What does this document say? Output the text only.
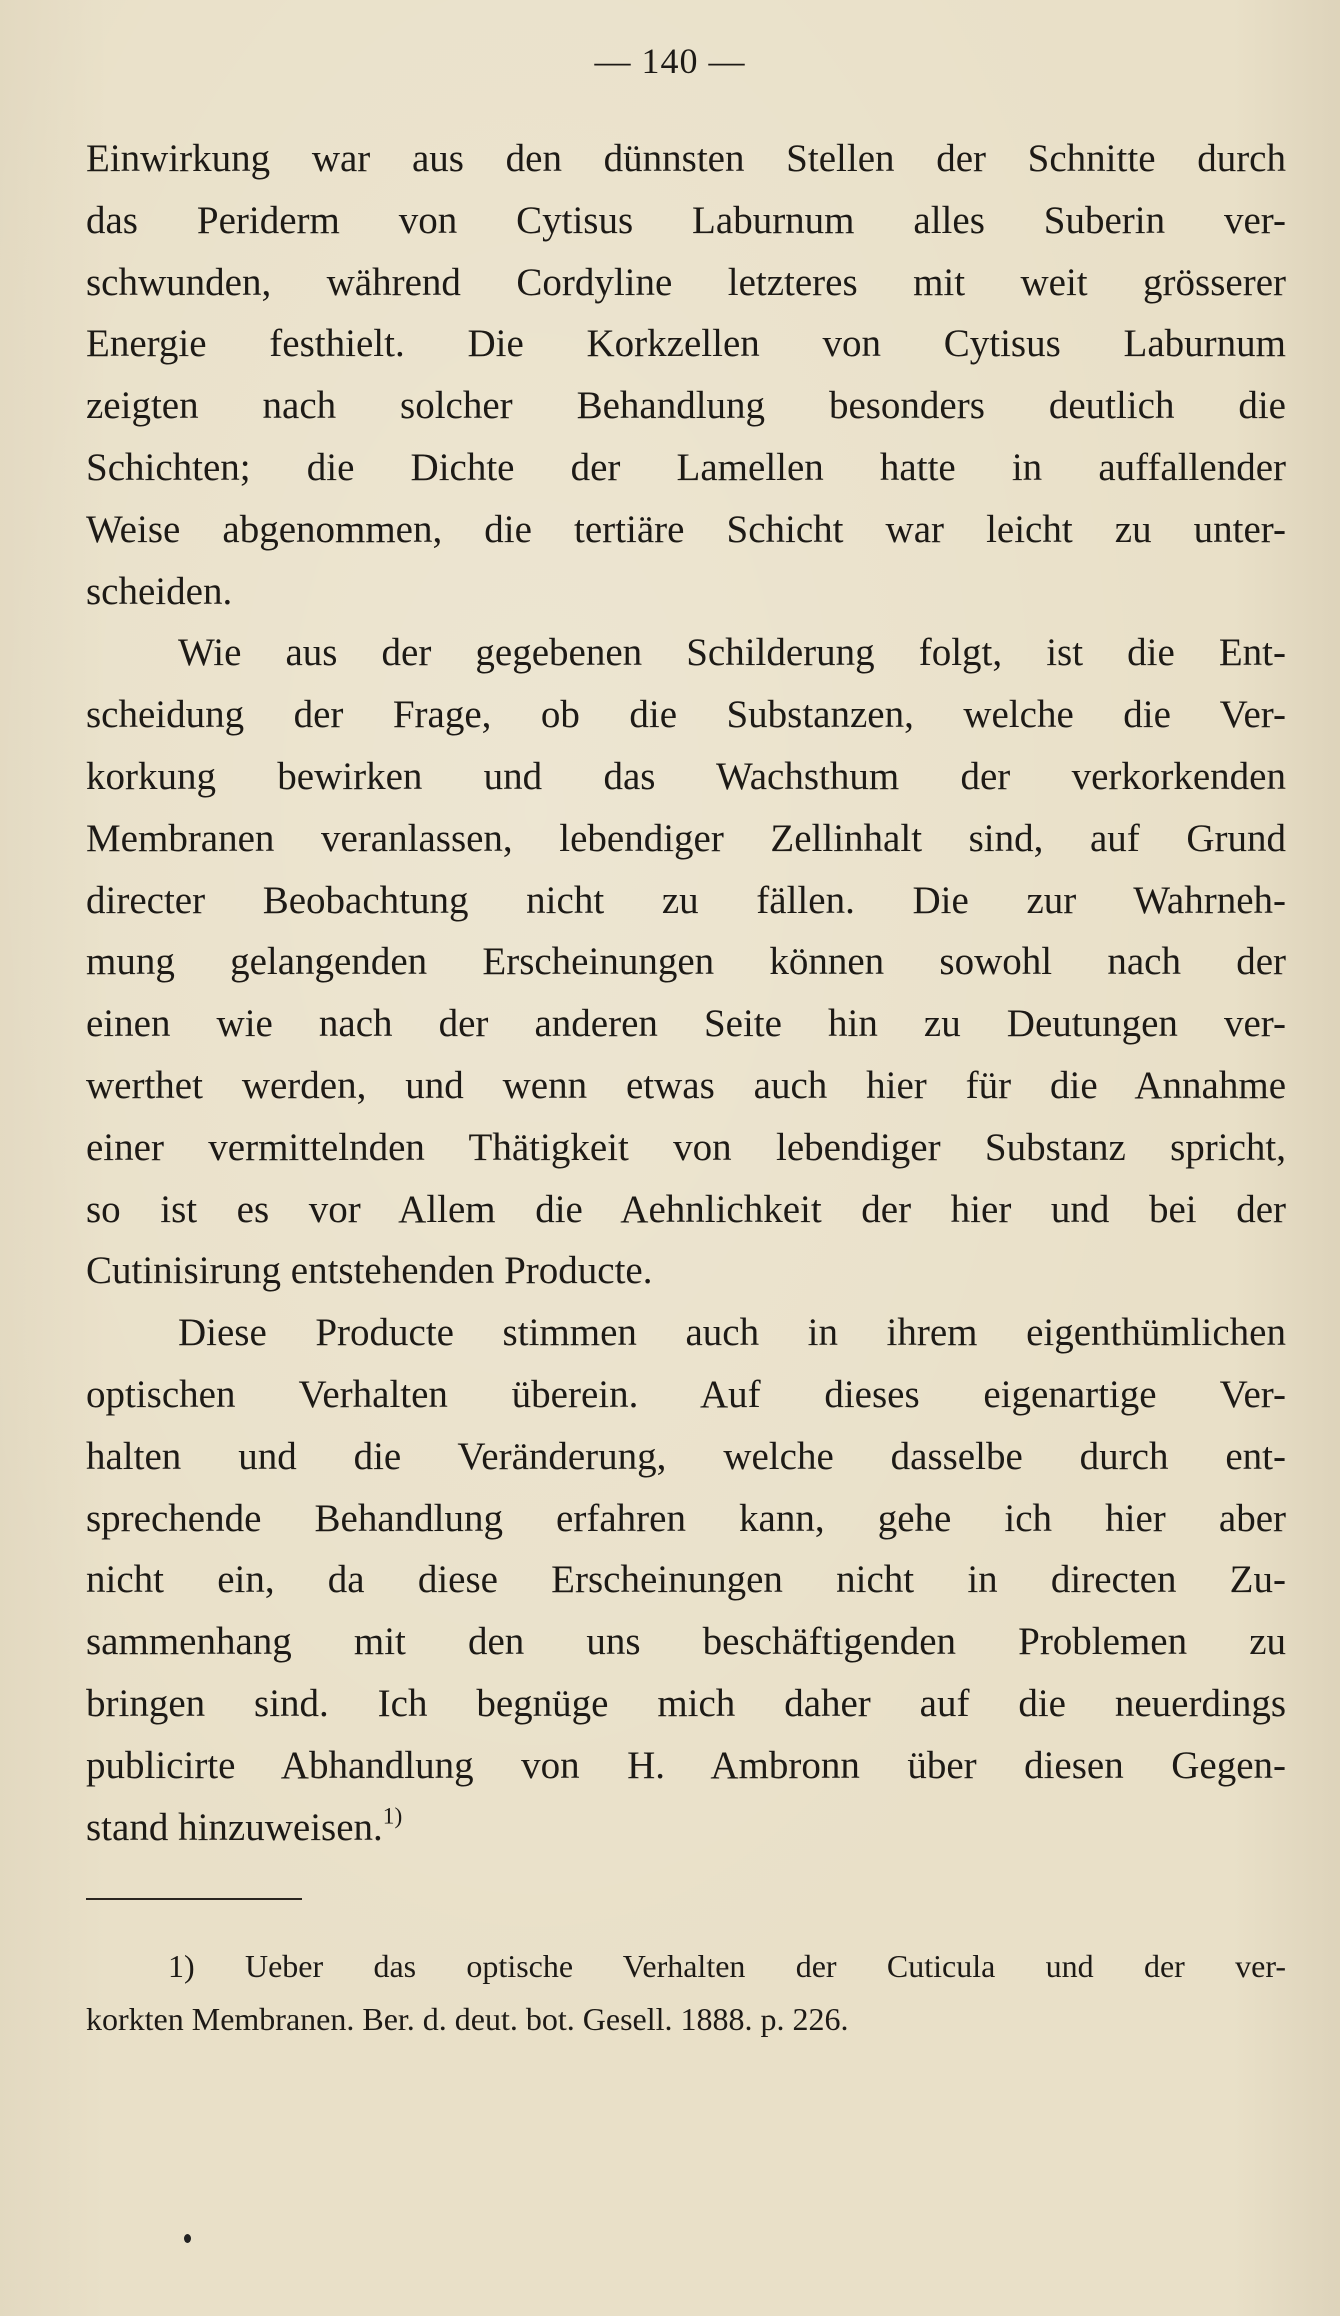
— 140 —

Einwirkung war aus den dünnsten Stellen der Schnitte durch
das Periderm von Cytisus Laburnum alles Suberin ver-
schwunden, während Cordyline letzteres mit weit grösserer
Energie festhielt. Die Korkzellen von Cytisus Laburnum
zeigten nach solcher Behandlung besonders deutlich die
Schichten; die Dichte der Lamellen hatte in auffallender
Weise abgenommen, die tertiäre Schicht war leicht zu unter-
scheiden.

Wie aus der gegebenen Schilderung folgt, ist die Ent-
scheidung der Frage, ob die Substanzen, welche die Ver-
korkung bewirken und das Wachsthum der verkorkenden
Membranen veranlassen, lebendiger Zellinhalt sind, auf Grund
directer Beobachtung nicht zu fällen. Die zur Wahrneh-
mung gelangenden Erscheinungen können sowohl nach der
einen wie nach der anderen Seite hin zu Deutungen ver-
werthet werden, und wenn etwas auch hier für die Annahme
einer vermittelnden Thätigkeit von lebendiger Substanz spricht,
so ist es vor Allem die Aehnlichkeit der hier und bei der
Cutinisirung entstehenden Producte.

Diese Producte stimmen auch in ihrem eigenthümlichen
optischen Verhalten überein. Auf dieses eigenartige Ver-
halten und die Veränderung, welche dasselbe durch ent-
sprechende Behandlung erfahren kann, gehe ich hier aber
nicht ein, da diese Erscheinungen nicht in directen Zu-
sammenhang mit den uns beschäftigenden Problemen zu
bringen sind. Ich begnüge mich daher auf die neuerdings
publicirte Abhandlung von H. Ambronn über diesen Gegen-
stand hinzuweisen.$^{1)}$

1) Ueber das optische Verhalten der Cuticula und der ver-
korkten Membranen. Ber. d. deut. bot. Gesell. 1888. p. 226.
